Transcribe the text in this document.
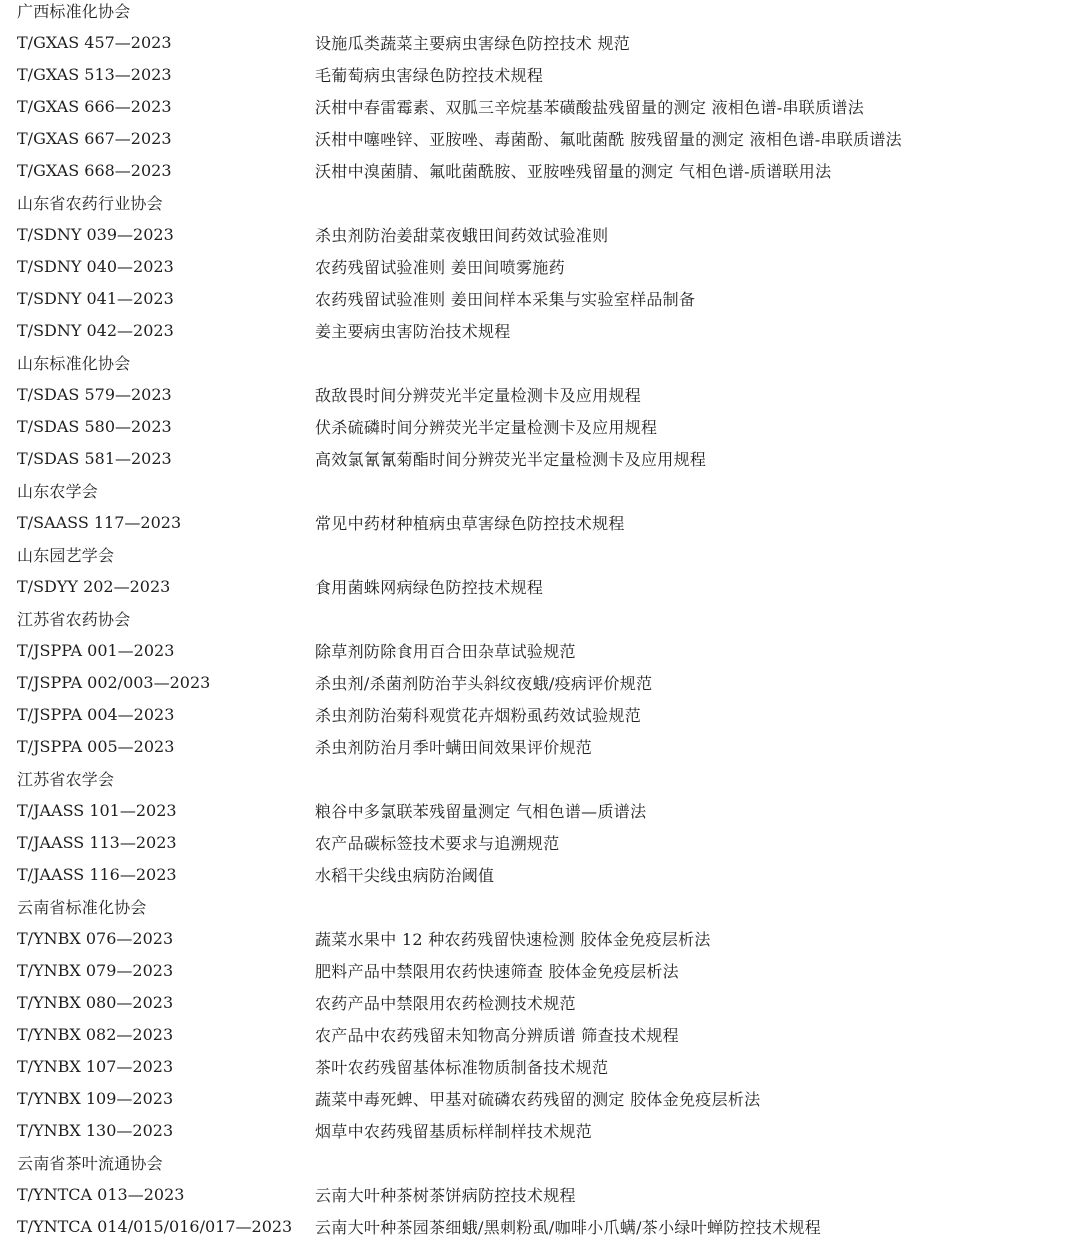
广西标准化协会
T/GXAS 457—2023	设施瓜类蔬菜主要病虫害绿色防控技术 规范
T/GXAS 513—2023	毛葡萄病虫害绿色防控技术规程
T/GXAS 666—2023	沃柑中春雷霉素、双胍三辛烷基苯磺酸盐残留量的测定 液相色谱-串联质谱法
T/GXAS 667—2023	沃柑中噻唑锌、亚胺唑、毒菌酚、氟吡菌酰 胺残留量的测定 液相色谱-串联质谱法
T/GXAS 668—2023	沃柑中溴菌腈、氟吡菌酰胺、亚胺唑残留量的测定 气相色谱-质谱联用法
山东省农药行业协会
T/SDNY 039—2023	杀虫剂防治姜甜菜夜蛾田间药效试验准则
T/SDNY 040—2023	农药残留试验准则 姜田间喷雾施药
T/SDNY 041—2023	农药残留试验准则 姜田间样本采集与实验室样品制备
T/SDNY 042—2023	姜主要病虫害防治技术规程
山东标准化协会
T/SDAS 579—2023	敌敌畏时间分辨荧光半定量检测卡及应用规程
T/SDAS 580—2023	伏杀硫磷时间分辨荧光半定量检测卡及应用规程
T/SDAS 581—2023	高效氯氰氰菊酯时间分辨荧光半定量检测卡及应用规程
山东农学会
T/SAASS 117—2023	常见中药材种植病虫草害绿色防控技术规程
山东园艺学会
T/SDYY 202—2023	食用菌蛛网病绿色防控技术规程
江苏省农药协会
T/JSPPA 001—2023	除草剂防除食用百合田杂草试验规范
T/JSPPA 002/003—2023	杀虫剂/杀菌剂防治芋头斜纹夜蛾/疫病评价规范
T/JSPPA 004—2023	杀虫剂防治菊科观赏花卉烟粉虱药效试验规范
T/JSPPA 005—2023	杀虫剂防治月季叶螨田间效果评价规范
江苏省农学会
T/JAASS 101—2023	粮谷中多氯联苯残留量测定 气相色谱—质谱法
T/JAASS 113—2023	农产品碳标签技术要求与追溯规范
T/JAASS 116—2023	水稻干尖线虫病防治阈值
云南省标准化协会
T/YNBX 076—2023	蔬菜水果中 12 种农药残留快速检测 胶体金免疫层析法
T/YNBX 079—2023	肥料产品中禁限用农药快速筛查 胶体金免疫层析法
T/YNBX 080—2023	农药产品中禁限用农药检测技术规范
T/YNBX 082—2023	农产品中农药残留未知物高分辨质谱 筛查技术规程
T/YNBX 107—2023	茶叶农药残留基体标准物质制备技术规范
T/YNBX 109—2023	蔬菜中毒死蜱、甲基对硫磷农药残留的测定 胶体金免疫层析法
T/YNBX 130—2023	烟草中农药残留基质标样制样技术规范
云南省茶叶流通协会
T/YNTCA 013—2023	云南大叶种茶树茶饼病防控技术规程
T/YNTCA 014/015/016/017—2023	云南大叶种茶园茶细蛾/黑刺粉虱/咖啡小爪螨/茶小绿叶蝉防控技术规程
